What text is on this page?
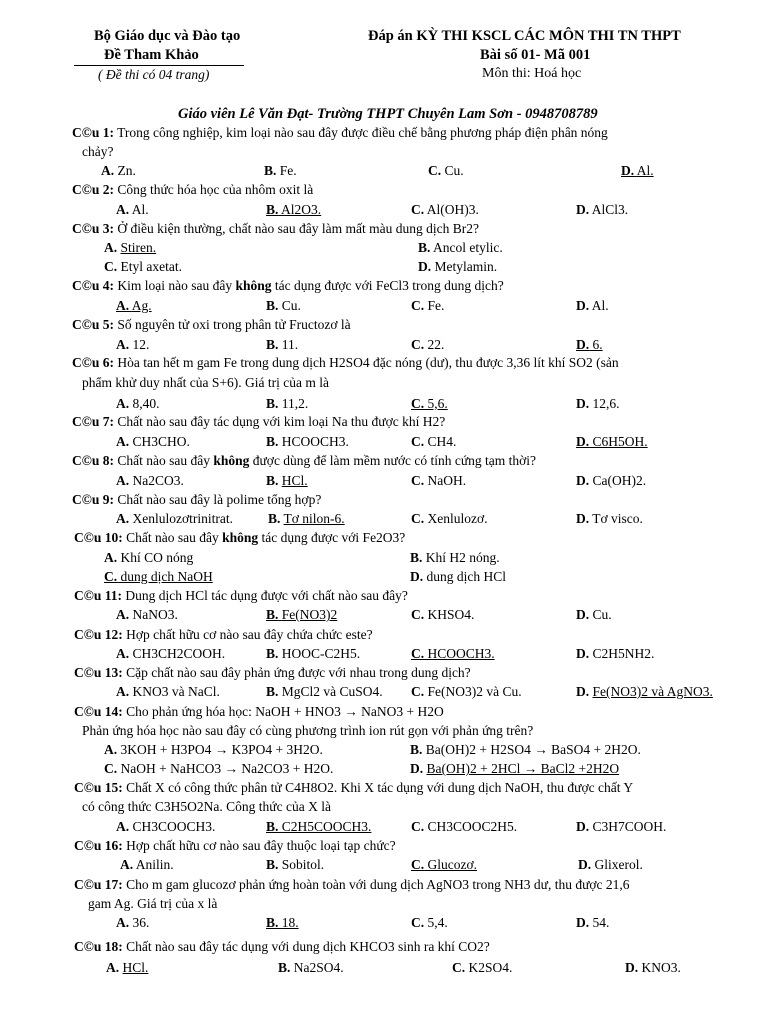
Bộ Giáo dục và Đào tạo
Đề Tham Khảo
( Đề thi có 04 trang)
Đáp án KỲ THI KSCL CÁC MÔN THI TN THPT
Bài số 01- Mã 001
Môn thi: Hoá học
Giáo viên Lê Văn Đạt- Trường THPT Chuyên Lam Sơn - 0948708789
C©u 1: Trong công nghiệp, kim loại nào sau đây được điều chế bằng phương pháp điện phân nóng
chảy?
A. Zn.	B. Fe.	C. Cu.	D. Al.
C©u 2: Công thức hóa học của nhôm oxit là
A. Al.	B. Al2O3.	C. Al(OH)3.	D. AlCl3.
C©u 3: Ở điều kiện thường, chất nào sau đây làm mất màu dung dịch Br2?
A. Stiren.	B. Ancol etylic.
C. Etyl axetat.	D. Metylamin.
C©u 4: Kim loại nào sau đây không tác dụng được với FeCl3 trong dung dịch?
A. Ag.	B. Cu.	C. Fe.	D. Al.
C©u 5: Số nguyên tử oxi trong phân tử Fructozơ là
A. 12.	B. 11.	C. 22.	D. 6.
C©u 6: Hòa tan hết m gam Fe trong dung dịch H2SO4 đặc nóng (dư), thu được 3,36 lít khí SO2 (sản
phẩm khử duy nhất của S+6). Giá trị của m là
A. 8,40.	B. 11,2.	C. 5,6.	D. 12,6.
C©u 7: Chất nào sau đây tác dụng với kim loại Na thu được khí H2?
A. CH3CHO.	B. HCOOCH3.	C. CH4.	D. C6H5OH.
C©u 8: Chất nào sau đây không được dùng để làm mềm nước có tính cứng tạm thời?
A. Na2CO3.	B. HCl.	C. NaOH.	D. Ca(OH)2.
C©u 9: Chất nào sau đây là polime tổng hợp?
A. Xenlulozơtrinitrat.	B. Tơ nilon-6.	C. Xenlulozơ.	D. Tơ visco.
C©u 10: Chất nào sau đây không tác dụng được với Fe2O3?
A. Khí CO nóng	B. Khí H2 nóng.
C. dung dịch NaOH	D. dung dịch HCl
C©u 11: Dung dịch HCl tác dụng được với chất nào sau đây?
A. NaNO3.	B. Fe(NO3)2	C. KHSO4.	D. Cu.
C©u 12: Hợp chất hữu cơ nào sau đây chứa chức este?
A. CH3CH2COOH.	B. HOOC-C2H5.	C. HCOOCH3.	D. C2H5NH2.
C©u 13: Cặp chất nào sau đây phản ứng được với nhau trong dung dịch?
A. KNO3 và NaCl.	B. MgCl2 và CuSO4. C. Fe(NO3)2 và Cu.	D. Fe(NO3)2 và AgNO3.
C©u 14: Cho phản ứng hóa học: NaOH + HNO3 → NaNO3 + H2O
Phản ứng hóa học nào sau đây có cùng phương trình ion rút gọn với phản ứng trên?
A. 3KOH + H3PO4 → K3PO4 + 3H2O.	B. Ba(OH)2 + H2SO4 → BaSO4 + 2H2O.
C. NaOH + NaHCO3 → Na2CO3 + H2O.	D. Ba(OH)2 + 2HCl → BaCl2 +2H2O
C©u 15: Chất X có công thức phân tử C4H8O2. Khi X tác dụng với dung dịch NaOH, thu được chất Y
có công thức C3H5O2Na. Công thức của X là
A. CH3COOCH3.	B. C2H5COOCH3.	C. CH3COOC2H5.	D. C3H7COOH.
C©u 16: Hợp chất hữu cơ nào sau đây thuộc loại tạp chức?
A. Anilin.	B. Sobitol.	C. Glucozơ.	D. Glixerol.
C©u 17: Cho m gam glucozơ phản ứng hoàn toàn với dung dịch AgNO3 trong NH3 dư, thu được 21,6
gam Ag. Giá trị của x là
A. 36.	B. 18.	C. 5,4.	D. 54.
C©u 18: Chất nào sau đây tác dụng với dung dịch KHCO3 sinh ra khí CO2?
A. HCl.	B. Na2SO4.	C. K2SO4.	D. KNO3.
